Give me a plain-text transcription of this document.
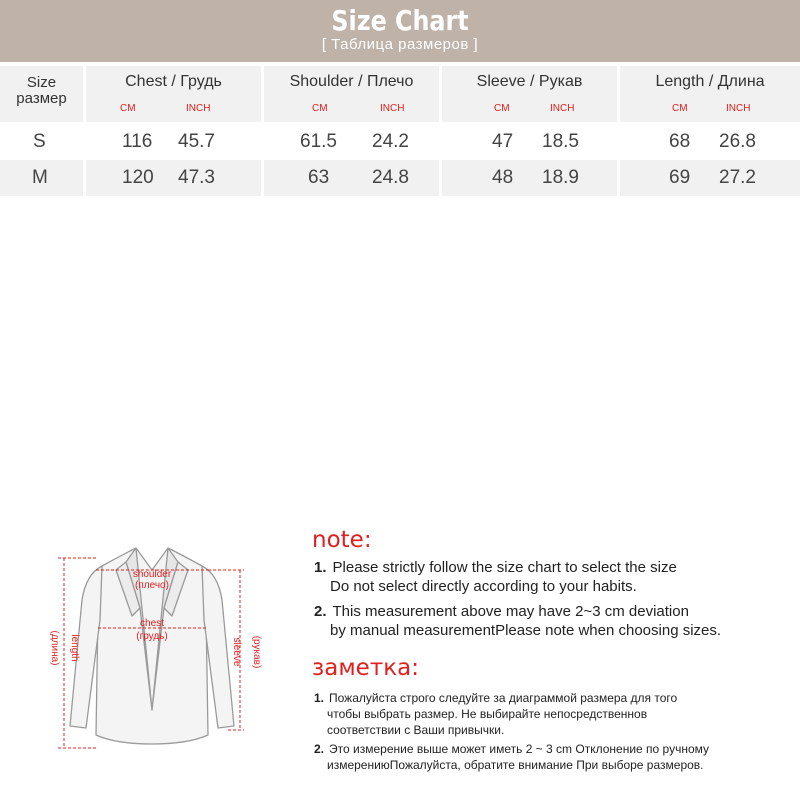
Size Chart
[ Таблица размеров ]
Size
размер
Chest / Грудь
CM	INCH
Shoulder / Плечо
CM	INCH
Sleeve / Рукав
CM	INCH
Length / Длина
CM	INCH
S	116 45.7	61.5 24.2	47 18.5	68 26.8
M	120 47.3	63 24.8	48 18.9	69 27.2
shoulder
(плечо)
chest
(грудь)
length
(длина)	sleeve (рукав)
note:
1. Please strictly follow the size chart to select the size
Do not select directly according to your habits.
2. This measurement above may have 2~3 cm deviation
by manual measurementPlease note when choosing sizes.
заметка:
1. Пожалуйста строго следуйте за диаграммой размера для того
чтобы выбрать размер. Не выбирайте непосредственнов
соответствии с Ваши привычки.
2. Это измерение выше может иметь 2 ~ 3 cm Отклонение по ручному
измерениюПожалуйста, обратите внимание При выборе размеров.
